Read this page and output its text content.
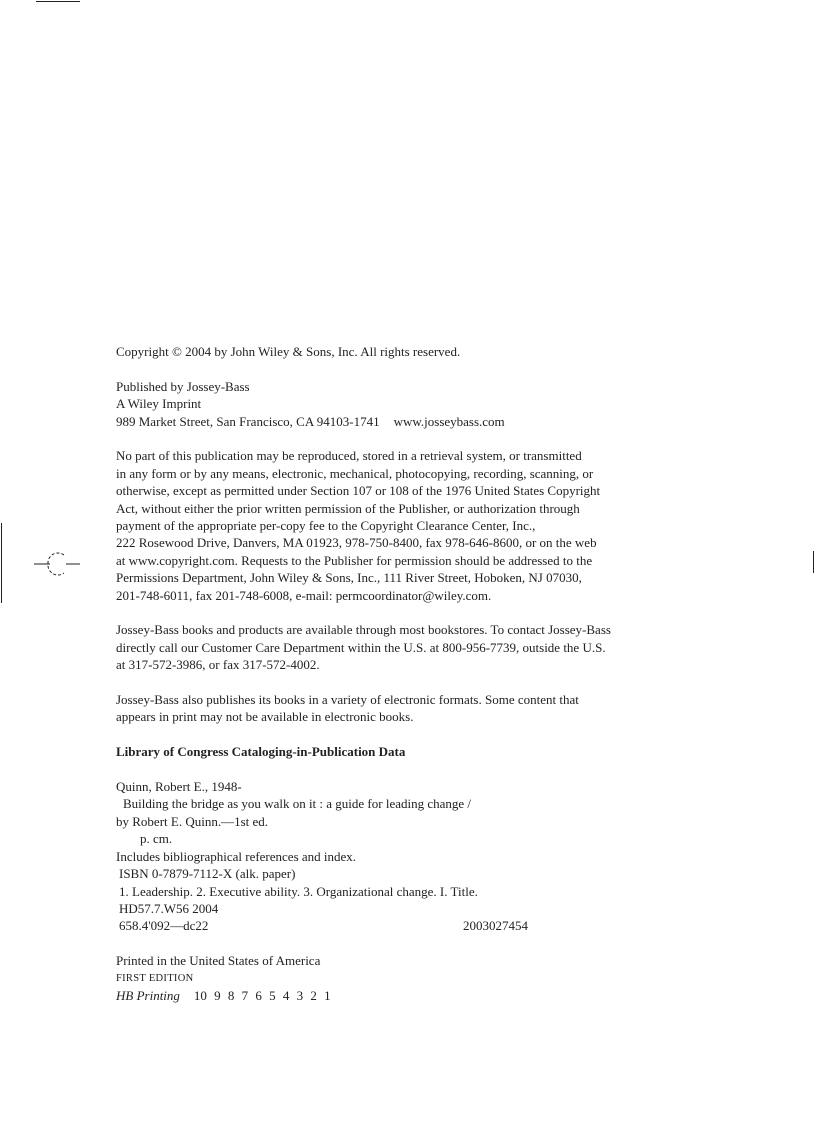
Copyright © 2004 by John Wiley & Sons, Inc. All rights reserved.

Published by Jossey-Bass

A Wiley Imprint

989 Market Street, San Francisco, CA 94103-1741 www.josseybass.com

No part of this publication may be reproduced, stored in a retrieval system, or transmitted

in any form or by any means, electronic, mechanical, photocopying, recording, scanning, or

otherwise, except as permitted under Section 107 or 108 of the 1976 United States Copyright

Act, without either the prior written permission of the Publisher, or authorization through

payment of the appropriate per-copy fee to the Copyright Clearance Center, Inc.,

222 Rosewood Drive, Danvers, MA 01923, 978-750-8400, fax 978-646-8600, or on the web

at www.copyright.com. Requests to the Publisher for permission should be addressed to the

Permissions Department, John Wiley & Sons, Inc., 111 River Street, Hoboken, NJ 07030,

201-748-6011, fax 201-748-6008, e-mail: permcoordinator@wiley.com.

Jossey-Bass books and products are available through most bookstores. To contact Jossey-Bass

directly call our Customer Care Department within the U.S. at 800-956-7739, outside the U.S.

at 317-572-3986, or fax 317-572-4002.

Jossey-Bass also publishes its books in a variety of electronic formats. Some content that

appears in print may not be available in electronic books.

Library of Congress Cataloging-in-Publication Data

Quinn, Robert E., 1948-

Building the bridge as you walk on it : a guide for leading change /

by Robert E. Quinn.—1st ed.

p. cm.

Includes bibliographical references and index.

ISBN 0-7879-7112-X (alk. paper)

1. Leadership. 2. Executive ability. 3. Organizational change. I. Title.

HD57.7.W56 2004

658.4'092—dc22	2003027454

Printed in the United States of America

FIRST EDITION

HB Printing 10 9 8 7 6 5 4 3 2 1
